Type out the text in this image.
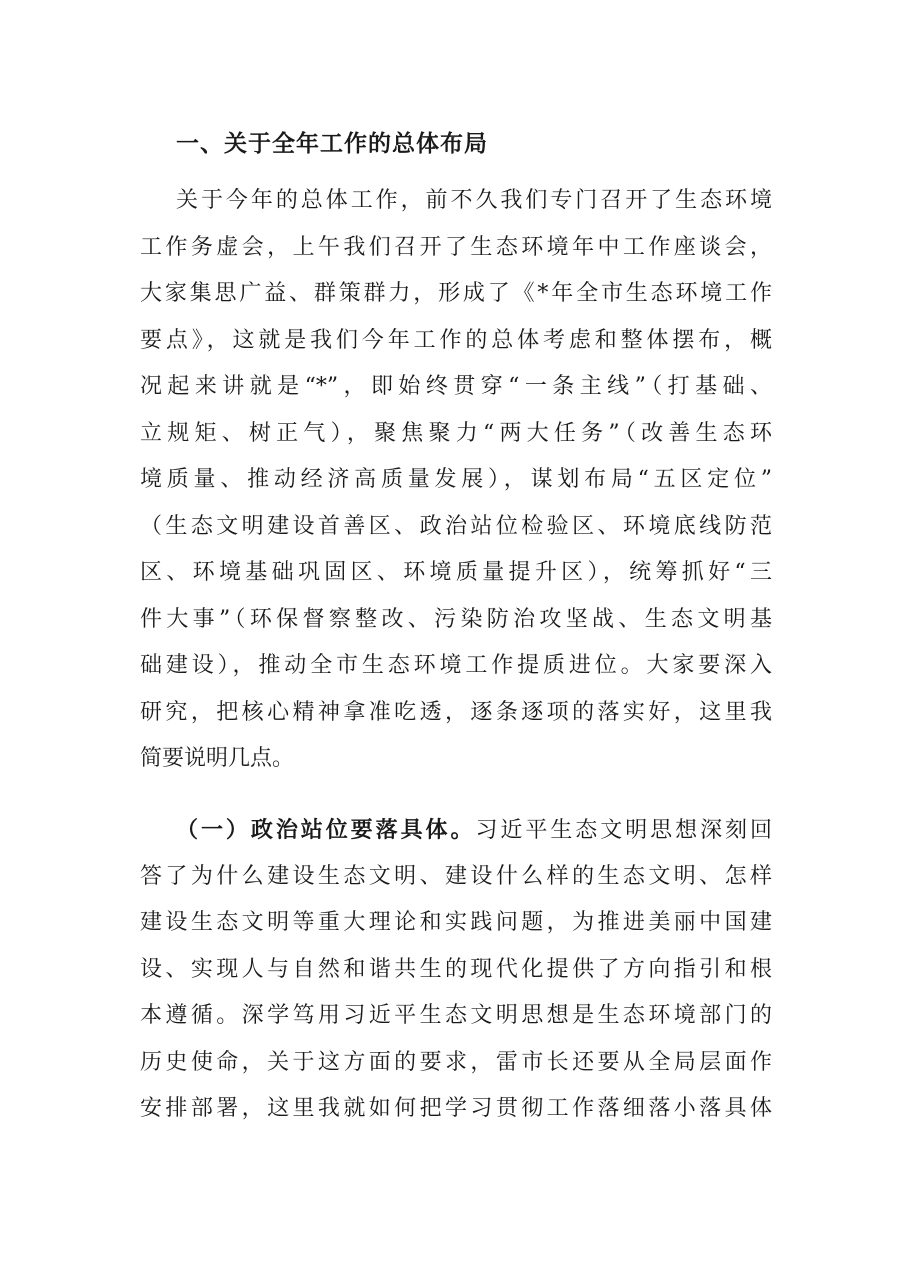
一、关于全年工作的总体布局
关于今年的总体工作，前不久我们专门召开了生态环境
工作务虚会，上午我们召开了生态环境年中工作座谈会，
大家集思广益、群策群力，形成了《*年全市生态环境工作
要点》，这就是我们今年工作的总体考虑和整体摆布，概
况起来讲就是“*”，即始终贯穿“一条主线”（打基础、
立规矩、树正气），聚焦聚力“两大任务”（改善生态环
境质量、推动经济高质量发展），谋划布局“五区定位”
（生态文明建设首善区、政治站位检验区、环境底线防范
区、环境基础巩固区、环境质量提升区），统筹抓好“三
件大事”（环保督察整改、污染防治攻坚战、生态文明基
础建设），推动全市生态环境工作提质进位。大家要深入
研究，把核心精神拿准吃透，逐条逐项的落实好，这里我
简要说明几点。
（一）政治站位要落具体。习近平生态文明思想深刻回
答了为什么建设生态文明、建设什么样的生态文明、怎样
建设生态文明等重大理论和实践问题，为推进美丽中国建
设、实现人与自然和谐共生的现代化提供了方向指引和根
本遵循。深学笃用习近平生态文明思想是生态环境部门的
历史使命，关于这方面的要求，雷市长还要从全局层面作
安排部署，这里我就如何把学习贯彻工作落细落小落具体
